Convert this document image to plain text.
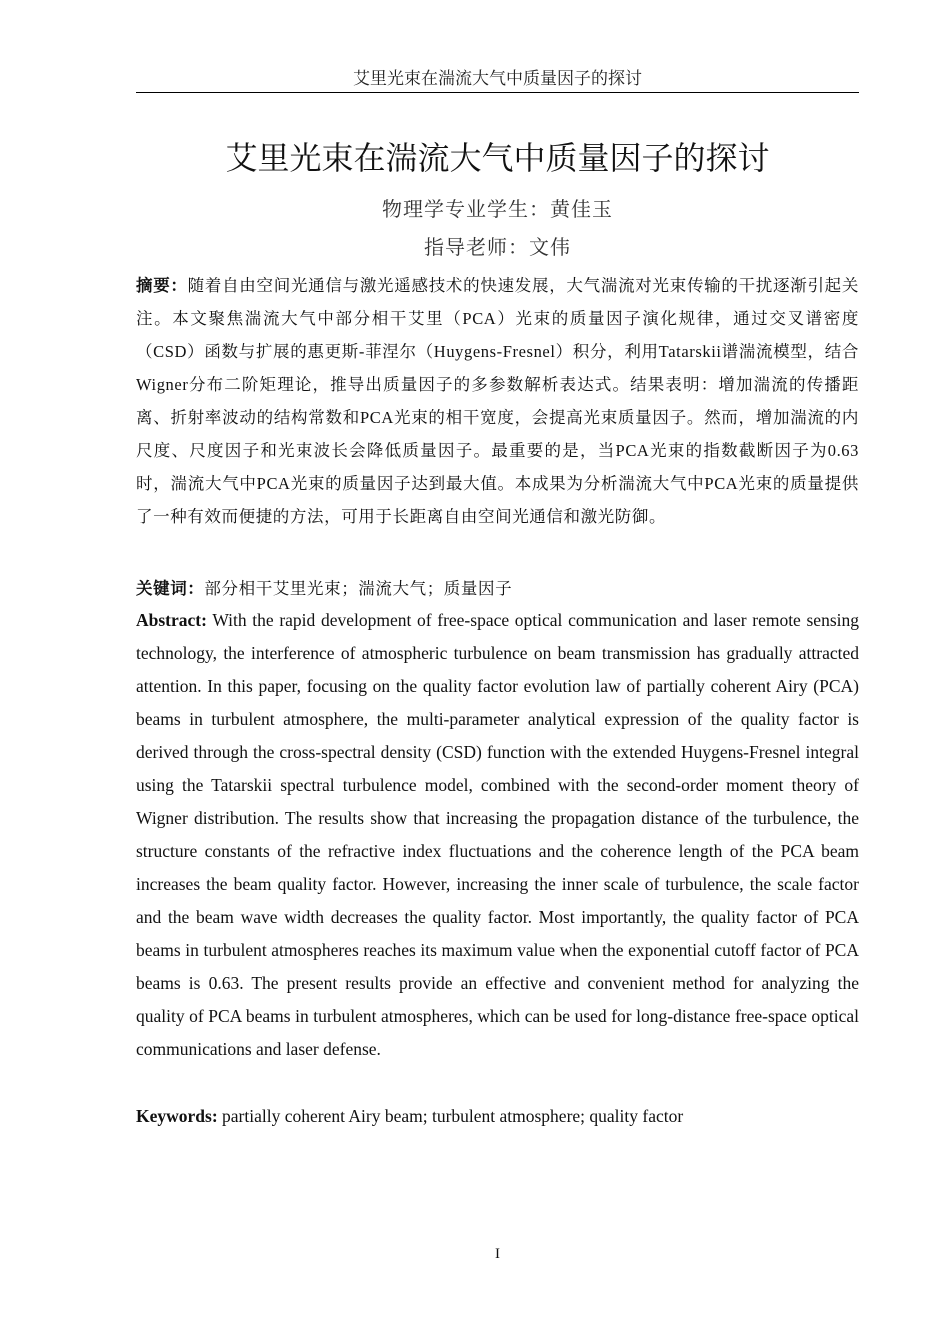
艾里光束在湍流大气中质量因子的探讨
艾里光束在湍流大气中质量因子的探讨
物理学专业学生：黄佳玉
指导老师：文伟

摘要：随着自由空间光通信与激光遥感技术的快速发展，大气湍流对光束传输的干扰逐渐引起关注。本文聚焦湍流大气中部分相干艾里（PCA）光束的质量因子演化规律，通过交叉谱密度（CSD）函数与扩展的惠更斯-菲涅尔（Huygens-Fresnel）积分，利用Tatarskii谱湍流模型，结合Wigner分布二阶矩理论，推导出质量因子的多参数解析表达式。结果表明：增加湍流的传播距离、折射率波动的结构常数和PCA光束的相干宽度，会提高光束质量因子。然而，增加湍流的内尺度、尺度因子和光束波长会降低质量因子。最重要的是，当PCA光束的指数截断因子为0.63时，湍流大气中PCA光束的质量因子达到最大值。本成果为分析湍流大气中PCA光束的质量提供了一种有效而便捷的方法，可用于长距离自由空间光通信和激光防御。

关键词：部分相干艾里光束；湍流大气；质量因子

Abstract: With the rapid development of free-space optical communication and laser remote sensing technology, the interference of atmospheric turbulence on beam transmission has gradually attracted attention. In this paper, focusing on the quality factor evolution law of partially coherent Airy (PCA) beams in turbulent atmosphere, the multi-parameter analytical expression of the quality factor is derived through the cross-spectral density (CSD) function with the extended Huygens-Fresnel integral using the Tatarskii spectral turbulence model, combined with the second-order moment theory of Wigner distribution. The results show that increasing the propagation distance of the turbulence, the structure constants of the refractive index fluctuations and the coherence length of the PCA beam increases the beam quality factor. However, increasing the inner scale of turbulence, the scale factor and the beam wave width decreases the quality factor. Most importantly, the quality factor of PCA beams in turbulent atmospheres reaches its maximum value when the exponential cutoff factor of PCA beams is 0.63. The present results provide an effective and convenient method for analyzing the quality of PCA beams in turbulent atmospheres, which can be used for long-distance free-space optical communications and laser defense.

Keywords: partially coherent Airy beam; turbulent atmosphere; quality factor

I
